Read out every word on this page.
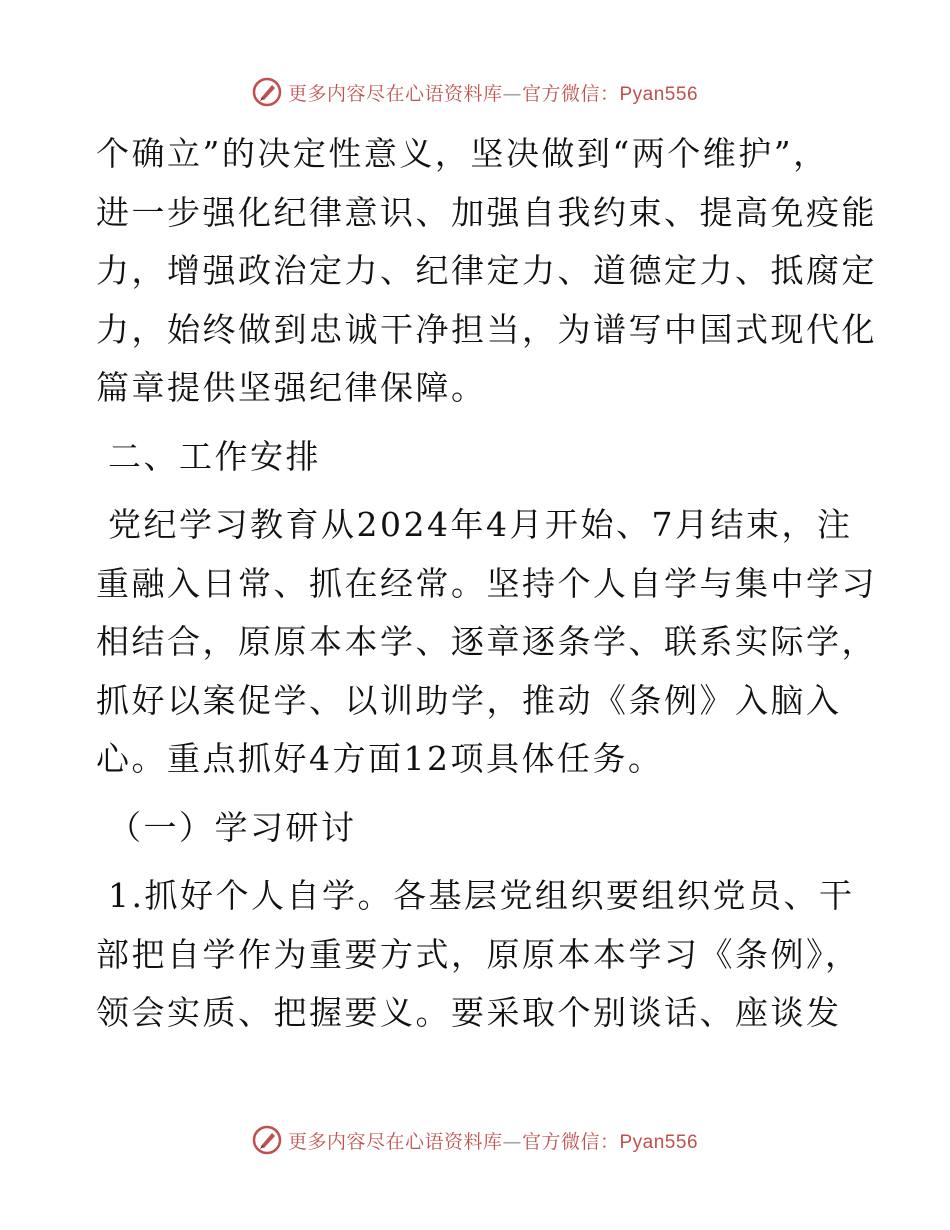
更多内容尽在心语资料库—官方微信：Pyan556
个确立”的决定性意义，坚决做到“两个维护”，
进一步强化纪律意识、加强自我约束、提高免疫能
力，增强政治定力、纪律定力、道德定力、抵腐定
力，始终做到忠诚干净担当，为谱写中国式现代化
篇章提供坚强纪律保障。
二、工作安排
党纪学习教育从2024年4月开始、7月结束，注
重融入日常、抓在经常。坚持个人自学与集中学习
相结合，原原本本学、逐章逐条学、联系实际学，
抓好以案促学、以训助学，推动《条例》入脑入
心。重点抓好4方面12项具体任务。
（一）学习研讨
1.抓好个人自学。各基层党组织要组织党员、干
部把自学作为重要方式，原原本本学习《条例》，
领会实质、把握要义。要采取个别谈话、座谈发
更多内容尽在心语资料库—官方微信：Pyan556
